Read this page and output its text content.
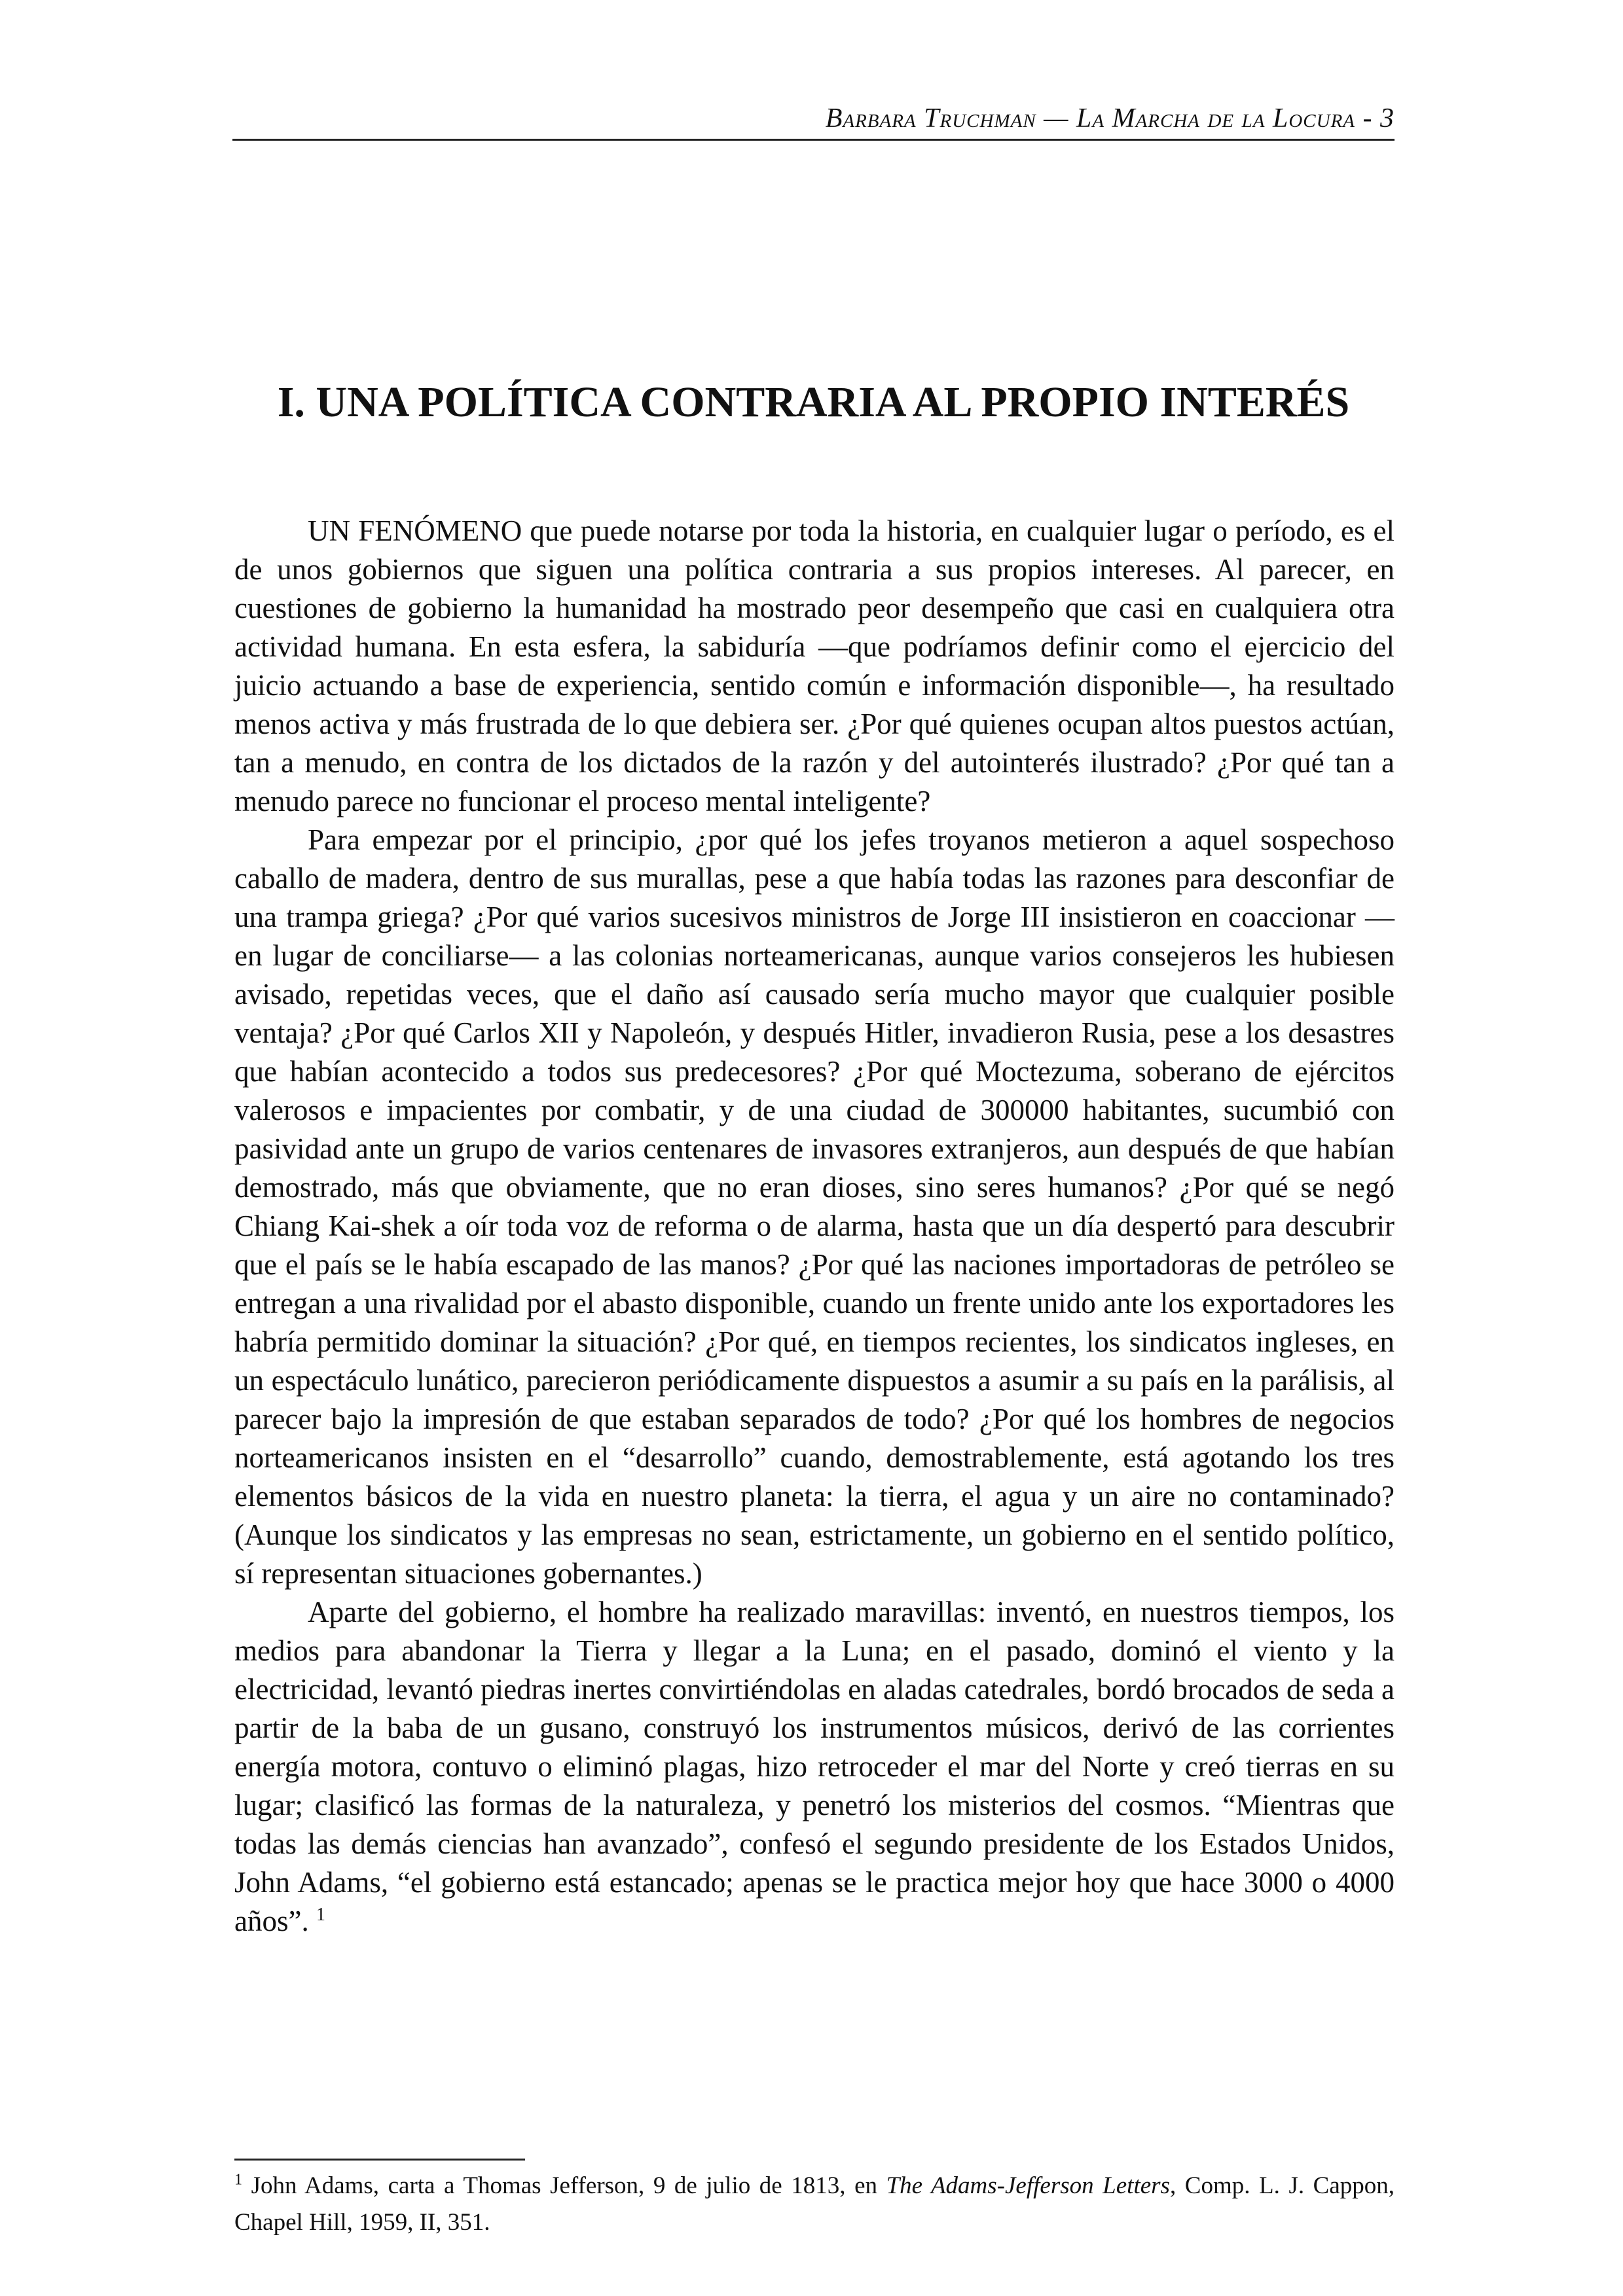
Barbara Truchman — La Marcha de la Locura - 3
I. UNA POLÍTICA CONTRARIA AL PROPIO INTERÉS

UN FENÓMENO que puede notarse por toda la historia, en cualquier lugar o período, es el de unos gobiernos que siguen una política contraria a sus propios intereses. Al parecer, en cuestiones de gobierno la humanidad ha mostrado peor desempeño que casi en cualquiera otra actividad humana. En esta esfera, la sabiduría —que podríamos definir como el ejercicio del juicio actuando a base de experiencia, sentido común e información disponible—, ha resultado menos activa y más frustrada de lo que debiera ser. ¿Por qué quienes ocupan altos puestos actúan, tan a menudo, en contra de los dictados de la razón y del autointerés ilustrado? ¿Por qué tan a menudo parece no funcionar el proceso mental inteligente?

Para empezar por el principio, ¿por qué los jefes troyanos metieron a aquel sospechoso caballo de madera, dentro de sus murallas, pese a que había todas las razones para desconfiar de una trampa griega? ¿Por qué varios sucesivos ministros de Jorge III insistieron en coaccionar —en lugar de conciliarse— a las colonias norteamericanas, aunque varios consejeros les hubiesen avisado, repetidas veces, que el daño así causado sería mucho mayor que cualquier posible ventaja? ¿Por qué Carlos XII y Napoleón, y después Hitler, invadieron Rusia, pese a los desastres que habían acontecido a todos sus predecesores? ¿Por qué Moctezuma, soberano de ejércitos valerosos e impacientes por combatir, y de una ciudad de 300000 habitantes, sucumbió con pasividad ante un grupo de varios centenares de invasores extranjeros, aun después de que habían demostrado, más que obviamente, que no eran dioses, sino seres humanos? ¿Por qué se negó Chiang Kai-shek a oír toda voz de reforma o de alarma, hasta que un día despertó para descubrir que el país se le había escapado de las manos? ¿Por qué las naciones importadoras de petróleo se entregan a una rivalidad por el abasto disponible, cuando un frente unido ante los exportadores les habría permitido dominar la situación? ¿Por qué, en tiempos recientes, los sindicatos ingleses, en un espectáculo lunático, parecieron periódicamente dispuestos a asumir a su país en la parálisis, al parecer bajo la impresión de que estaban separados de todo? ¿Por qué los hombres de negocios norteamericanos insisten en el “desarrollo” cuando, demostrablemente, está agotando los tres elementos básicos de la vida en nuestro planeta: la tierra, el agua y un aire no contaminado? (Aunque los sindicatos y las empresas no sean, estrictamente, un gobierno en el sentido político, sí representan situaciones gobernantes.)

Aparte del gobierno, el hombre ha realizado maravillas: inventó, en nuestros tiempos, los medios para abandonar la Tierra y llegar a la Luna; en el pasado, dominó el viento y la electricidad, levantó piedras inertes convirtiéndolas en aladas catedrales, bordó brocados de seda a partir de la baba de un gusano, construyó los instrumentos músicos, derivó de las corrientes energía motora, contuvo o eliminó plagas, hizo retroceder el mar del Norte y creó tierras en su lugar; clasificó las formas de la naturaleza, y penetró los misterios del cosmos. “Mientras que todas las demás ciencias han avanzado”, confesó el segundo presidente de los Estados Unidos, John Adams, “el gobierno está estancado; apenas se le practica mejor hoy que hace 3000 o 4000 años”. $^1$

$^1$ John Adams, carta a Thomas Jefferson, 9 de julio de 1813, en The Adams-Jefferson Letters, Comp. L. J. Cappon, Chapel Hill, 1959, II, 351.
